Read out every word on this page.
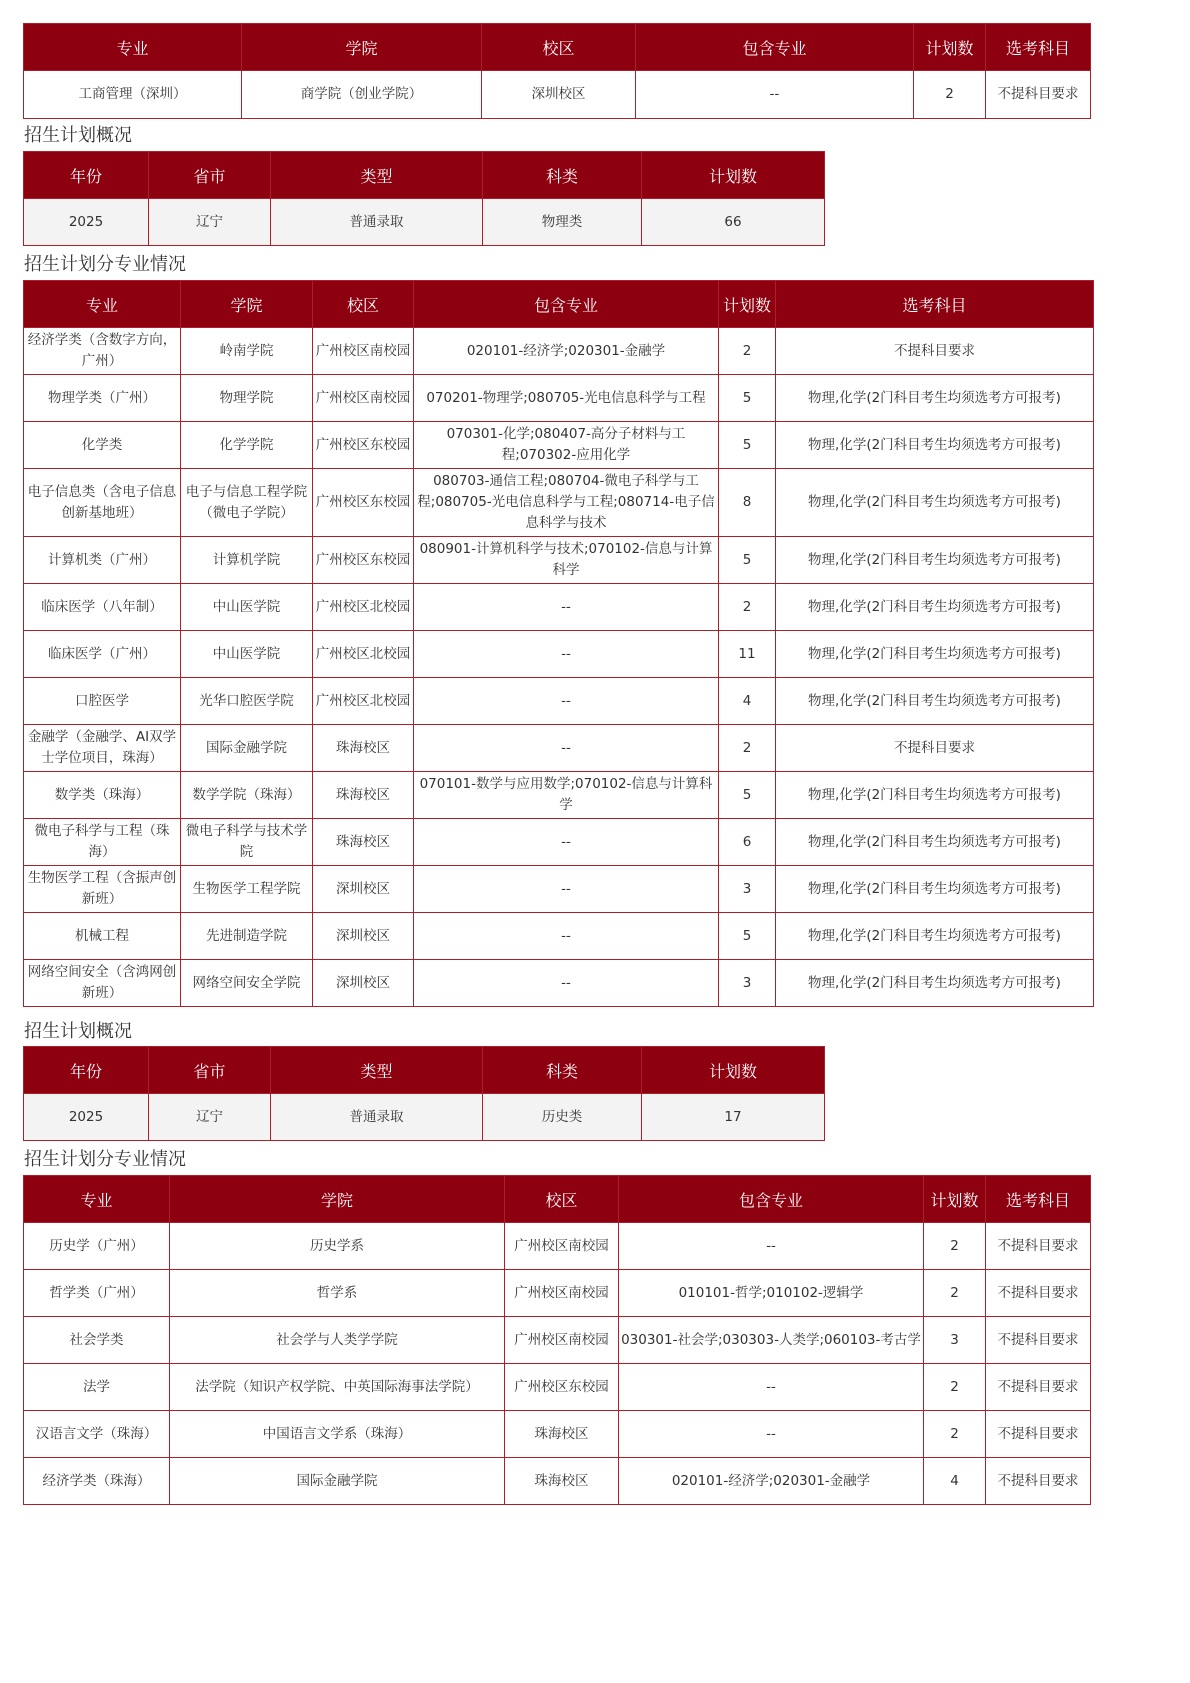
专业	学院	校区	包含专业	计划数	选考科目
工商管理（深圳）	商学院（创业学院）	深圳校区	--	2	不提科目要求
招生计划概况
年份	省市	类型	科类	计划数
2025	辽宁	普通录取	物理类	66
招生计划分专业情况
专业	学院	校区	包含专业	计划数	选考科目
经济学类（含数字方向，广州）	岭南学院	广州校区南校园	020101-经济学;020301-金融学	2	不提科目要求
物理学类（广州）	物理学院	广州校区南校园	070201-物理学;080705-光电信息科学与工程	5	物理,化学(2门科目考生均须选考方可报考)
化学类	化学学院	广州校区东校园	070301-化学;080407-高分子材料与工程;070302-应用化学	5	物理,化学(2门科目考生均须选考方可报考)
电子信息类（含电子信息创新基地班）	电子与信息工程学院（微电子学院）	广州校区东校园	080703-通信工程;080704-微电子科学与工程;080705-光电信息科学与工程;080714-电子信息科学与技术	8	物理,化学(2门科目考生均须选考方可报考)
计算机类（广州）	计算机学院	广州校区东校园	080901-计算机科学与技术;070102-信息与计算科学	5	物理,化学(2门科目考生均须选考方可报考)
临床医学（八年制）	中山医学院	广州校区北校园	--	2	物理,化学(2门科目考生均须选考方可报考)
临床医学（广州）	中山医学院	广州校区北校园	--	11	物理,化学(2门科目考生均须选考方可报考)
口腔医学	光华口腔医学院	广州校区北校园	--	4	物理,化学(2门科目考生均须选考方可报考)
金融学（金融学、AI双学士学位项目，珠海）	国际金融学院	珠海校区	--	2	不提科目要求
数学类（珠海）	数学学院（珠海）	珠海校区	070101-数学与应用数学;070102-信息与计算科学	5	物理,化学(2门科目考生均须选考方可报考)
微电子科学与工程（珠海）	微电子科学与技术学院	珠海校区	--	6	物理,化学(2门科目考生均须选考方可报考)
生物医学工程（含振声创新班）	生物医学工程学院	深圳校区	--	3	物理,化学(2门科目考生均须选考方可报考)
机械工程	先进制造学院	深圳校区	--	5	物理,化学(2门科目考生均须选考方可报考)
网络空间安全（含鸿网创新班）	网络空间安全学院	深圳校区	--	3	物理,化学(2门科目考生均须选考方可报考)
招生计划概况
年份	省市	类型	科类	计划数
2025	辽宁	普通录取	历史类	17
招生计划分专业情况
专业	学院	校区	包含专业	计划数	选考科目
历史学（广州）	历史学系	广州校区南校园	--	2	不提科目要求
哲学类（广州）	哲学系	广州校区南校园	010101-哲学;010102-逻辑学	2	不提科目要求
社会学类	社会学与人类学学院	广州校区南校园	030301-社会学;030303-人类学;060103-考古学	3	不提科目要求
法学	法学院（知识产权学院、中英国际海事法学院）	广州校区东校园	--	2	不提科目要求
汉语言文学（珠海）	中国语言文学系（珠海）	珠海校区	--	2	不提科目要求
经济学类（珠海）	国际金融学院	珠海校区	020101-经济学;020301-金融学	4	不提科目要求
